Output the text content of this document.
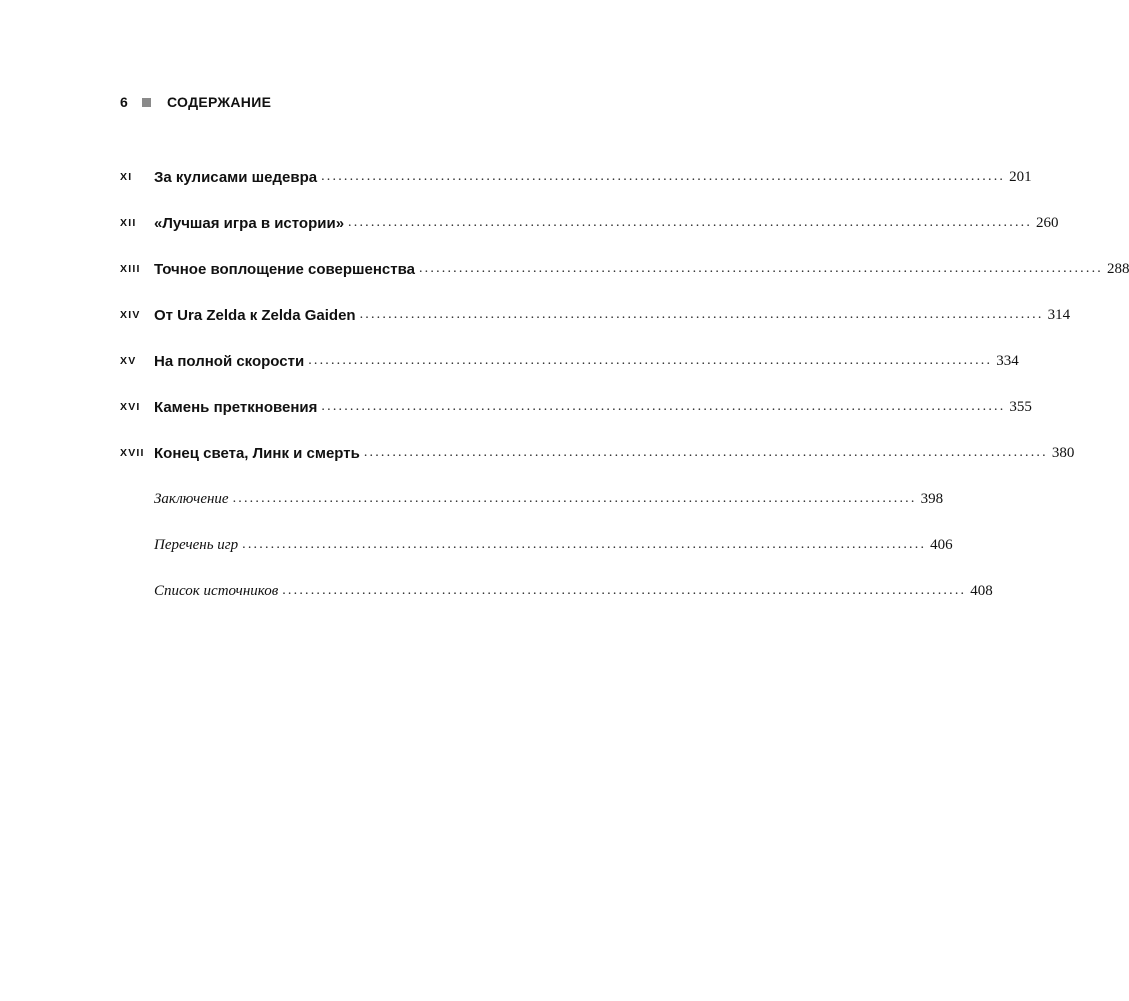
6	СОДЕРЖАНИЕ
XI	За кулисами шедевра ........................................................................................................................ 201
XII	«Лучшая игра в истории» ........................................................................................................................ 260
XIII Точное воплощение совершенства ........................................................................................................................ 288
XIV От Ura Zelda к Zelda Gaiden ........................................................................................................................ 314
XV	На полной скорости ........................................................................................................................ 334
XVI Камень преткновения ........................................................................................................................ 355
XVII Конец света, Линк и смерть ........................................................................................................................ 380
Заключение ........................................................................................................................ 398
Перечень игр ........................................................................................................................ 406
Список источников ........................................................................................................................ 408
